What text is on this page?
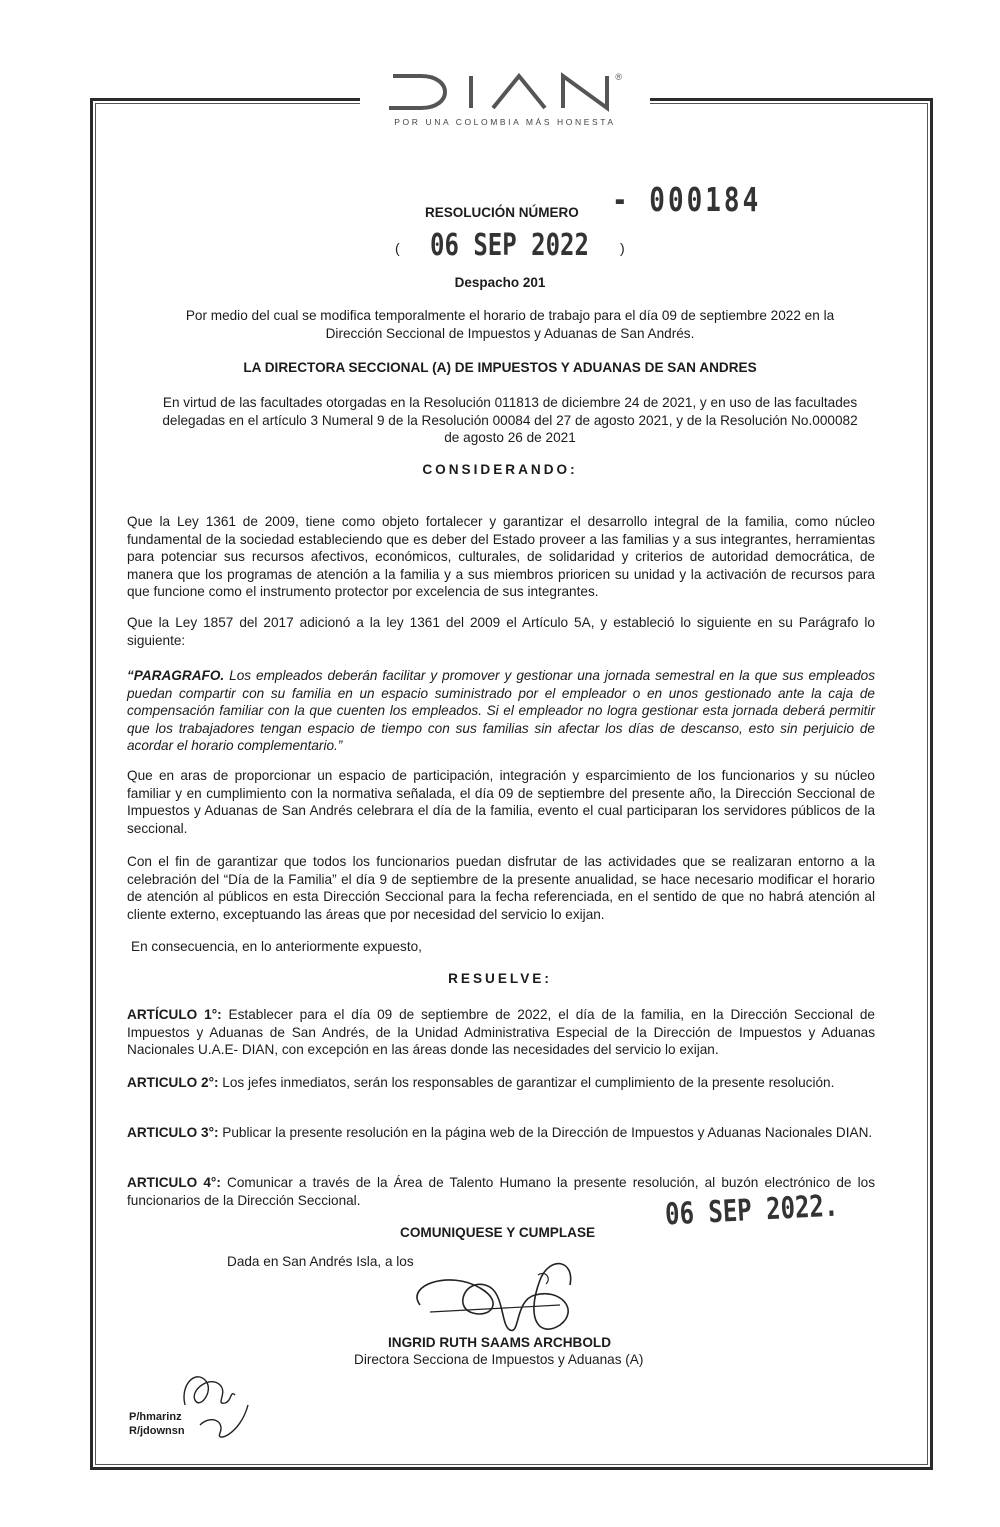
®
POR UNA COLOMBIA MÁS HONESTA
RESOLUCIÓN NÚMERO - 000184
( 06 SEP 2022 )
Despacho 201
Por medio del cual se modifica temporalmente el horario de trabajo para el día 09 de septiembre 2022 en la
Dirección Seccional de Impuestos y Aduanas de San Andrés.
LA DIRECTORA SECCIONAL (A) DE IMPUESTOS Y ADUANAS DE SAN ANDRES
En virtud de las facultades otorgadas en la Resolución 011813 de diciembre 24 de 2021, y en uso de las facultades
delegadas en el artículo 3 Numeral 9 de la Resolución 00084 del 27 de agosto 2021, y de la Resolución No.000082
de agosto 26 de 2021
CONSIDERANDO:
Que la Ley 1361 de 2009, tiene como objeto fortalecer y garantizar el desarrollo integral de la familia, como núcleo fundamental de la sociedad estableciendo que es deber del Estado proveer a las familias y a sus integrantes, herramientas para potenciar sus recursos afectivos, económicos, culturales, de solidaridad y criterios de autoridad democrática, de manera que los programas de atención a la familia y a sus miembros prioricen su unidad y la activación de recursos para que funcione como el instrumento protector por excelencia de sus integrantes.
Que la Ley 1857 del 2017 adicionó a la ley 1361 del 2009 el Artículo 5A, y estableció lo siguiente en su Parágrafo lo siguiente:
“PARAGRAFO. Los empleados deberán facilitar y promover y gestionar una jornada semestral en la que sus empleados puedan compartir con su familia en un espacio suministrado por el empleador o en unos gestionado ante la caja de compensación familiar con la que cuenten los empleados. Si el empleador no logra gestionar esta jornada deberá permitir que los trabajadores tengan espacio de tiempo con sus familias sin afectar los días de descanso, esto sin perjuicio de acordar el horario complementario.”
Que en aras de proporcionar un espacio de participación, integración y esparcimiento de los funcionarios y su núcleo familiar y en cumplimiento con la normativa señalada, el día 09 de septiembre del presente año, la Dirección Seccional de Impuestos y Aduanas de San Andrés celebrara el día de la familia, evento el cual participaran los servidores públicos de la seccional.
Con el fin de garantizar que todos los funcionarios puedan disfrutar de las actividades que se realizaran entorno a la celebración del “Día de la Familia” el día 9 de septiembre de la presente anualidad, se hace necesario modificar el horario de atención al públicos en esta Dirección Seccional para la fecha referenciada, en el sentido de que no habrá atención al cliente externo, exceptuando las áreas que por necesidad del servicio lo exijan.
En consecuencia, en lo anteriormente expuesto,
RESUELVE:
ARTÍCULO 1°: Establecer para el día 09 de septiembre de 2022, el día de la familia, en la Dirección Seccional de Impuestos y Aduanas de San Andrés, de la Unidad Administrativa Especial de la Dirección de Impuestos y Aduanas Nacionales U.A.E- DIAN, con excepción en las áreas donde las necesidades del servicio lo exijan.
ARTICULO 2°: Los jefes inmediatos, serán los responsables de garantizar el cumplimiento de la presente resolución.
ARTICULO 3°: Publicar la presente resolución en la página web de la Dirección de Impuestos y Aduanas Nacionales DIAN.
ARTICULO 4°: Comunicar a través de la Área de Talento Humano la presente resolución, al buzón electrónico de los funcionarios de la Dirección Seccional.
COMUNIQUESE Y CUMPLASE
06 SEP 2022.
Dada en San Andrés Isla, a los
INGRID RUTH SAAMS ARCHBOLD
Directora Secciona de Impuestos y Aduanas (A)
P/hmarinz
R/jdownsn
